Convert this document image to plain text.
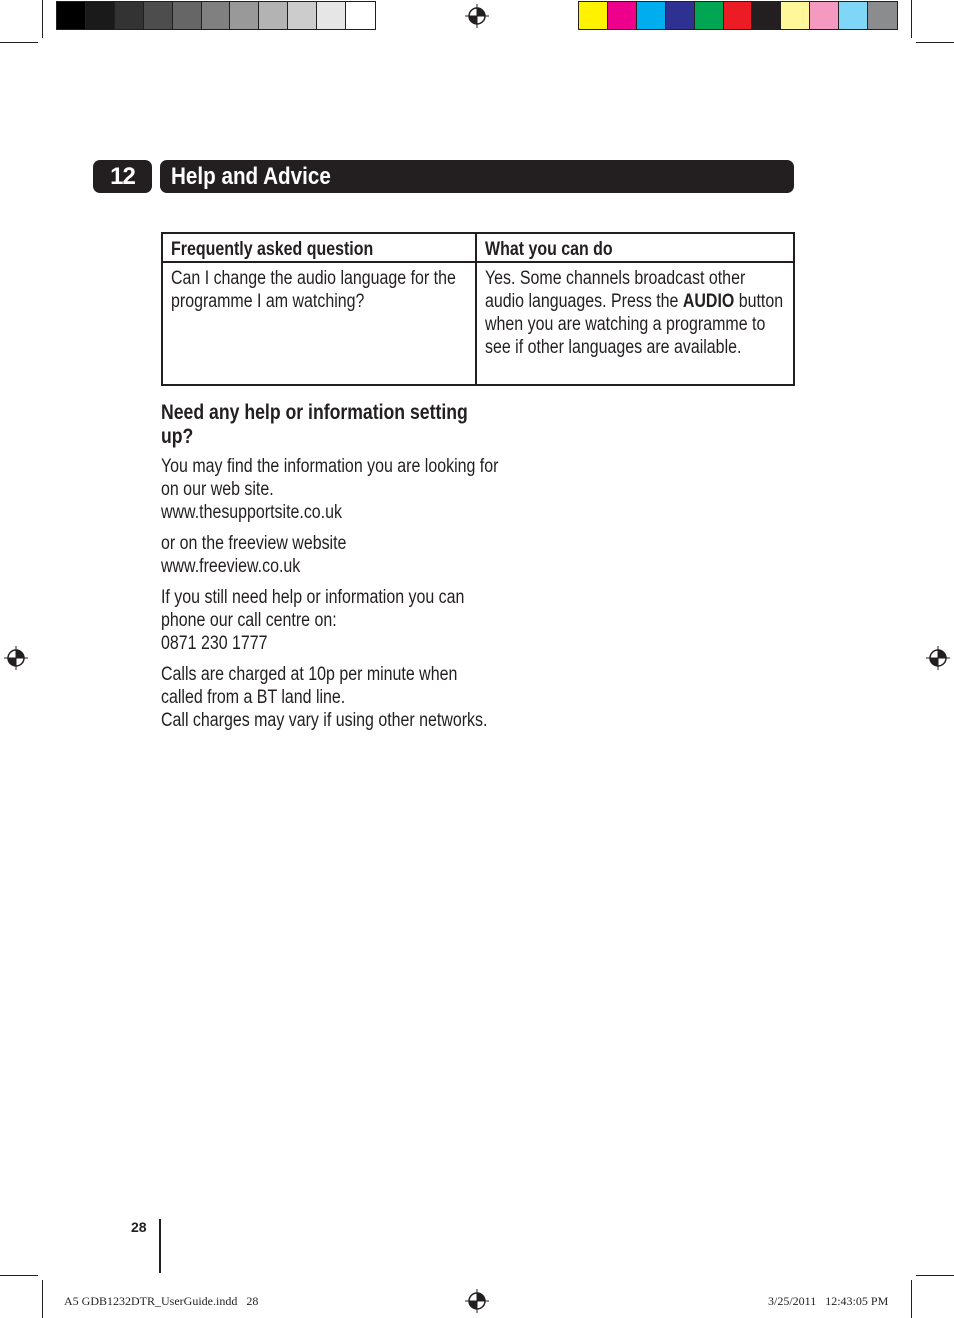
12	Help and Advice
Frequently asked question	What you can do
Can I change the audio language for the programme I am watching?	Yes. Some channels broadcast other audio languages. Press the AUDIO button when you are watching a programme to see if other languages are available.
Need any help or information setting up?

You may find the information you are looking for on our web site.
www.thesupportsite.co.uk

or on the freeview website
www.freeview.co.uk

If you still need help or information you can phone our call centre on:
0871 230 1777

Calls are charged at 10p per minute when called from a BT land line.
Call charges may vary if using other networks.

28
A5 GDB1232DTR_UserGuide.indd   28	3/25/2011   12:43:05 PM
